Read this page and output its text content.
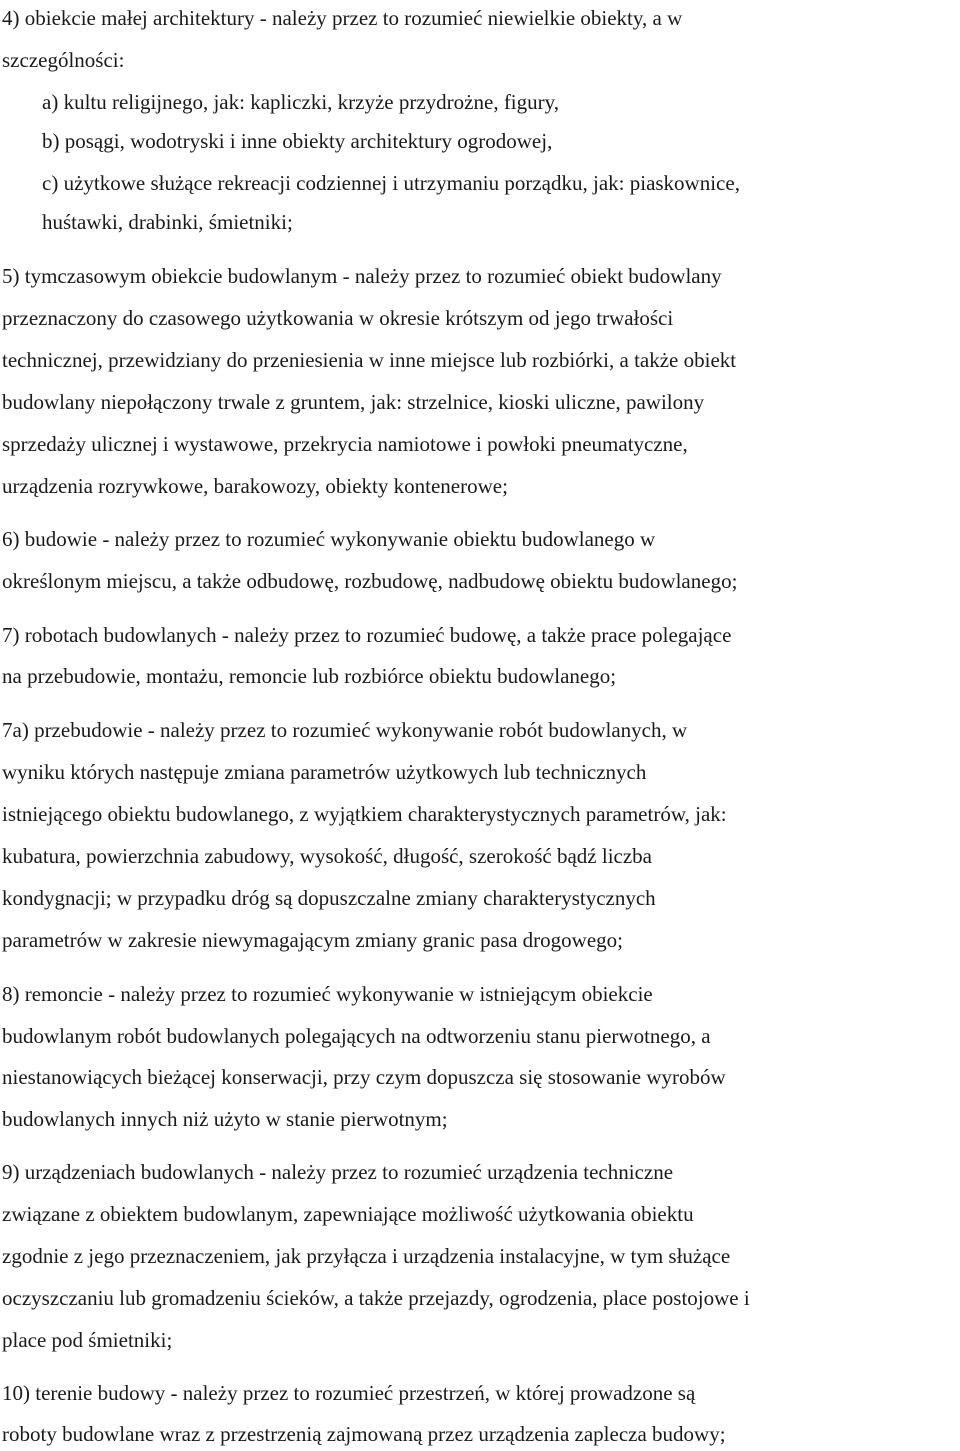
4) obiekcie małej architektury - należy przez to rozumieć niewielkie obiekty, a w
szczególności:
a) kultu religijnego, jak: kapliczki, krzyże przydrożne, figury,
b) posągi, wodotryski i inne obiekty architektury ogrodowej,
c) użytkowe służące rekreacji codziennej i utrzymaniu porządku, jak: piaskownice,
huśtawki, drabinki, śmietniki;
5) tymczasowym obiekcie budowlanym - należy przez to rozumieć obiekt budowlany
przeznaczony do czasowego użytkowania w okresie krótszym od jego trwałości
technicznej, przewidziany do przeniesienia w inne miejsce lub rozbiórki, a także obiekt
budowlany niepołączony trwale z gruntem, jak: strzelnice, kioski uliczne, pawilony
sprzedaży ulicznej i wystawowe, przekrycia namiotowe i powłoki pneumatyczne,
urządzenia rozrywkowe, barakowozy, obiekty kontenerowe;
6) budowie - należy przez to rozumieć wykonywanie obiektu budowlanego w
określonym miejscu, a także odbudowę, rozbudowę, nadbudowę obiektu budowlanego;
7) robotach budowlanych - należy przez to rozumieć budowę, a także prace polegające
na przebudowie, montażu, remoncie lub rozbiórce obiektu budowlanego;
7a) przebudowie - należy przez to rozumieć wykonywanie robót budowlanych, w
wyniku których następuje zmiana parametrów użytkowych lub technicznych
istniejącego obiektu budowlanego, z wyjątkiem charakterystycznych parametrów, jak:
kubatura, powierzchnia zabudowy, wysokość, długość, szerokość bądź liczba
kondygnacji; w przypadku dróg są dopuszczalne zmiany charakterystycznych
parametrów w zakresie niewymagającym zmiany granic pasa drogowego;
8) remoncie - należy przez to rozumieć wykonywanie w istniejącym obiekcie
budowlanym robót budowlanych polegających na odtworzeniu stanu pierwotnego, a
niestanowiących bieżącej konserwacji, przy czym dopuszcza się stosowanie wyrobów
budowlanych innych niż użyto w stanie pierwotnym;
9) urządzeniach budowlanych - należy przez to rozumieć urządzenia techniczne
związane z obiektem budowlanym, zapewniające możliwość użytkowania obiektu
zgodnie z jego przeznaczeniem, jak przyłącza i urządzenia instalacyjne, w tym służące
oczyszczaniu lub gromadzeniu ścieków, a także przejazdy, ogrodzenia, place postojowe i
place pod śmietniki;
10) terenie budowy - należy przez to rozumieć przestrzeń, w której prowadzone są
roboty budowlane wraz z przestrzenią zajmowaną przez urządzenia zaplecza budowy;
